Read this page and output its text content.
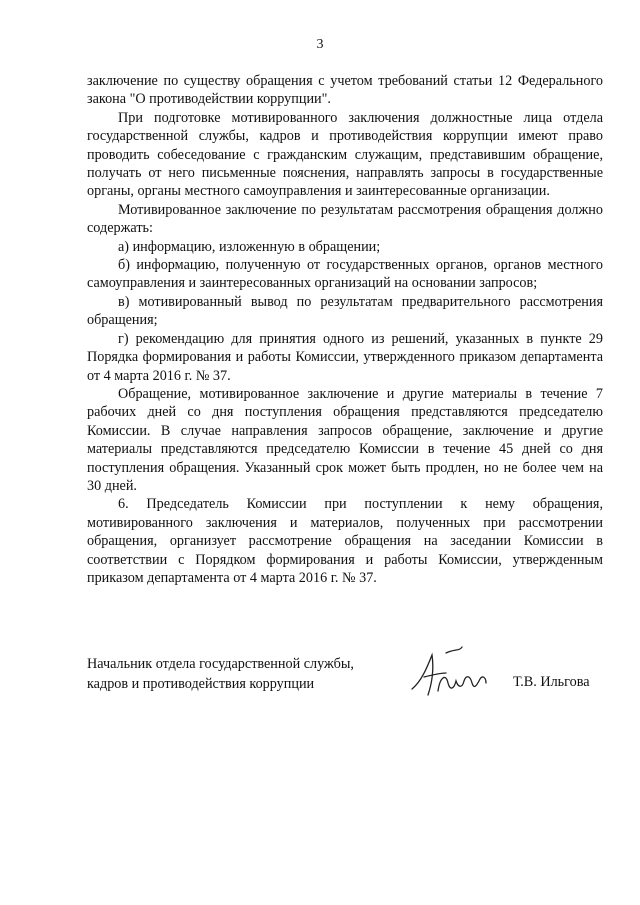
3

заключение по существу обращения с учетом требований статьи 12 Федерального закона "О противодействии коррупции".

При подготовке мотивированного заключения должностные лица отдела государственной службы, кадров и противодействия коррупции имеют право проводить собеседование с гражданским служащим, представившим обращение, получать от него письменные пояснения, направлять запросы в государственные органы, органы местного самоуправления и заинтересованные организации.

Мотивированное заключение по результатам рассмотрения обращения должно содержать:

а) информацию, изложенную в обращении;

б) информацию, полученную от государственных органов, органов местного самоуправления и заинтересованных организаций на основании запросов;

в) мотивированный вывод по результатам предварительного рассмотрения обращения;

г) рекомендацию для принятия одного из решений, указанных в пункте 29 Порядка формирования и работы Комиссии, утвержденного приказом департамента от 4 марта 2016 г. № 37.

Обращение, мотивированное заключение и другие материалы в течение 7 рабочих дней со дня поступления обращения представляются председателю Комиссии. В случае направления запросов обращение, заключение и другие материалы представляются председателю Комиссии в течение 45 дней со дня поступления обращения. Указанный срок может быть продлен, но не более чем на 30 дней.

6. Председатель Комиссии при поступлении к нему обращения, мотивированного заключения и материалов, полученных при рассмотрении обращения, организует рассмотрение обращения на заседании Комиссии в соответствии с Порядком формирования и работы Комиссии, утвержденным приказом департамента от 4 марта 2016 г. № 37.

Начальник отдела государственной службы,
кадров и противодействия коррупции	Т.В. Ильгова
